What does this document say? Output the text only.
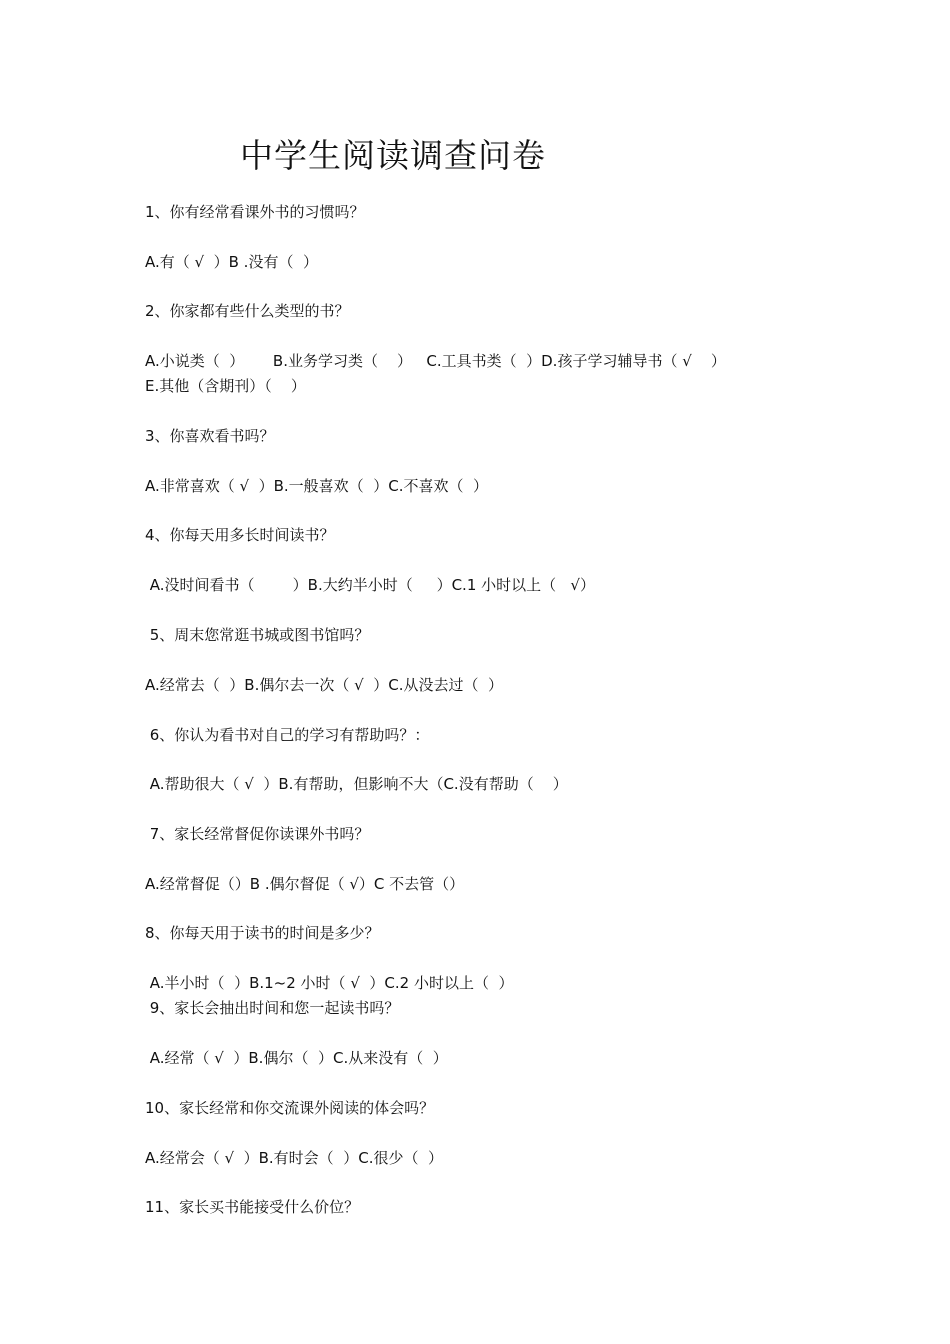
中学生阅读调查问卷
1、你有经常看课外书的习惯吗？
A.有（ √  ）B .没有（  ）
2、你家都有些什么类型的书？
A.小说类（  ）      B.业务学习类（    ）   C.工具书类（  ）D.孩子学习辅导书（ √    ）
E.其他（含期刊）（    ）
3、你喜欢看书吗？
A.非常喜欢（ √  ）B.一般喜欢（  ）C.不喜欢（  ）
4、你每天用多长时间读书？
A.没时间看书（        ）B.大约半小时（     ）C.1 小时以上（   √）
5、周末您常逛书城或图书馆吗？
A.经常去（  ）B.偶尔去一次（ √  ）C.从没去过（  ）
6、你认为看书对自己的学习有帮助吗？：
A.帮助很大（ √  ）B.有帮助，但影响不大（C.没有帮助（    ）
7、家长经常督促你读课外书吗？
A.经常督促（）B .偶尔督促（ √）C 不去管（）
8、你每天用于读书的时间是多少？
A.半小时（  ）B.1~2 小时（ √  ）C.2 小时以上（  ）
9、家长会抽出时间和您一起读书吗？
A.经常（ √  ）B.偶尔（  ）C.从来没有（  ）
10、家长经常和你交流课外阅读的体会吗？
A.经常会（ √  ）B.有时会（  ）C.很少（  ）
11、家长买书能接受什么价位？
